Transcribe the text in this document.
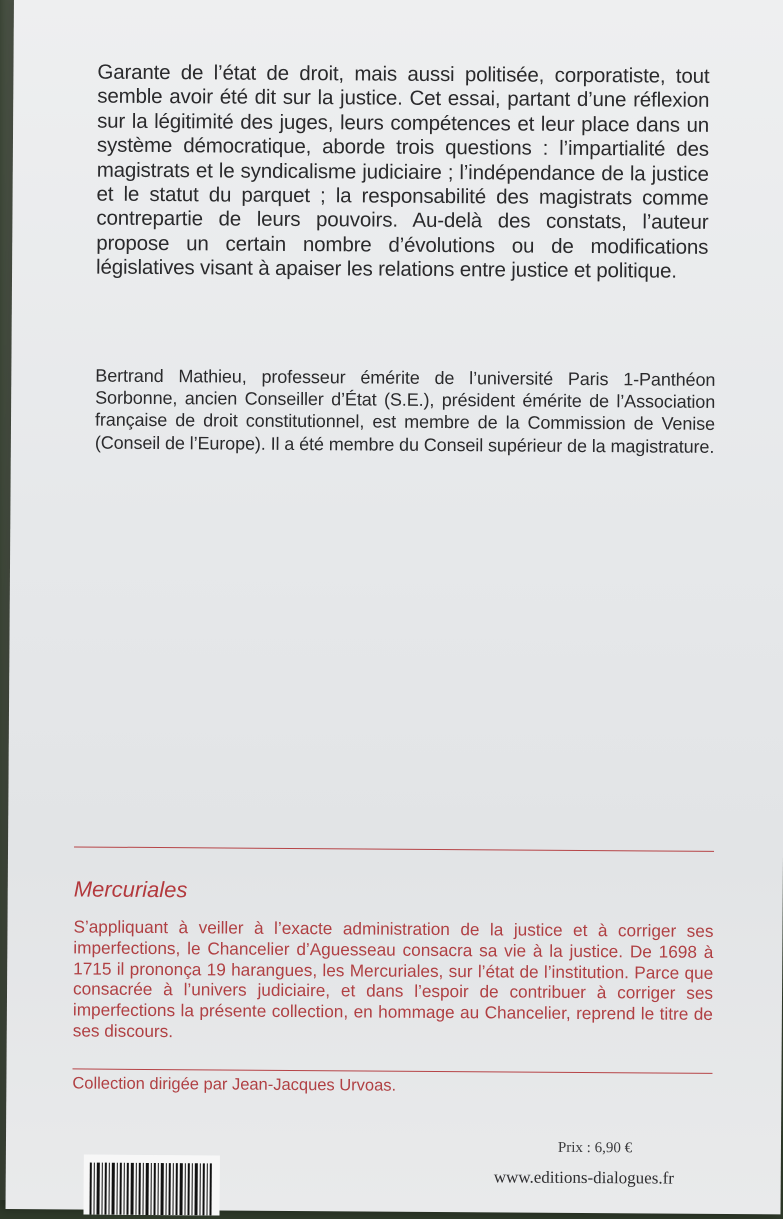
Garante de l’état de droit, mais aussi politisée, corporatiste, tout semble avoir été dit sur la justice. Cet essai, partant d’une réflexion sur la légitimité des juges, leurs compétences et leur place dans un système démocratique, aborde trois questions : l’impartialité des magistrats et le syndicalisme judiciaire ; l’indépendance de la justice et le statut du parquet ; la responsabilité des magistrats comme contrepartie de leurs pouvoirs. Au-delà des constats, l’auteur propose un certain nombre d’évolutions ou de modifications législatives visant à apaiser les relations entre justice et politique.

Bertrand Mathieu, professeur émérite de l’université Paris 1-Panthéon Sorbonne, ancien Conseiller d’État (S.E.), président émérite de l’Association française de droit constitutionnel, est membre de la Commission de Venise (Conseil de l’Europe). Il a été membre du Conseil supérieur de la magistrature.

Mercuriales

S’appliquant à veiller à l’exacte administration de la justice et à corriger ses imperfections, le Chancelier d’Aguesseau consacra sa vie à la justice. De 1698 à 1715 il prononça 19 harangues, les Mercuriales, sur l’état de l’institution. Parce que consacrée à l’univers judiciaire, et dans l’espoir de contribuer à corriger ses imperfections la présente collection, en hommage au Chancelier, reprend le titre de ses discours.

Collection dirigée par Jean-Jacques Urvoas.

Prix : 6,90 €

www.editions-dialogues.fr
